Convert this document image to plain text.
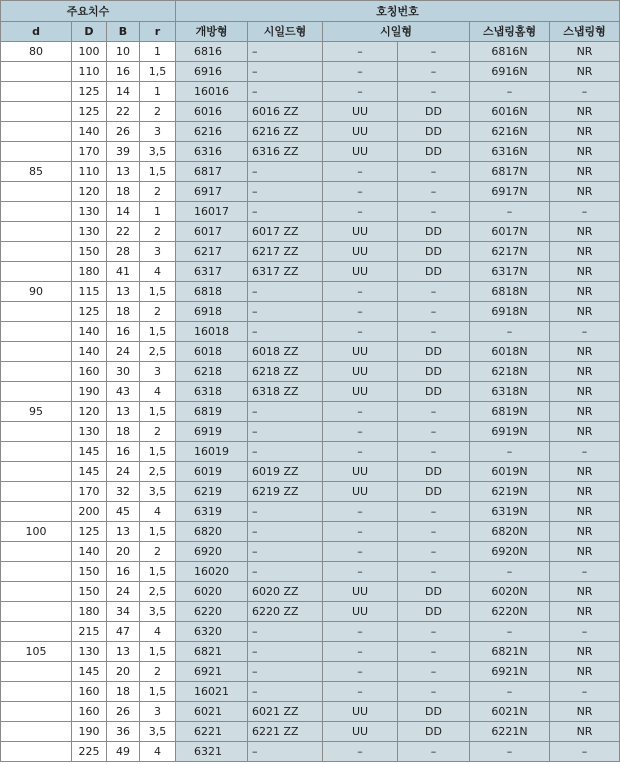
주요치수				호칭번호					
d	D	B	r	개방형	시일드형	시일형		스냅링홈형	스냅링형
80	100	10	1	6816	–	–	–	6816N	NR
	110	16	1,5	6916	–	–	–	6916N	NR
	125	14	1	16016	–	–	–	–	–
	125	22	2	6016	6016 ZZ	UU	DD	6016N	NR
	140	26	3	6216	6216 ZZ	UU	DD	6216N	NR
	170	39	3,5	6316	6316 ZZ	UU	DD	6316N	NR
85	110	13	1,5	6817	–	–	–	6817N	NR
	120	18	2	6917	–	–	–	6917N	NR
	130	14	1	16017	–	–	–	–	–
	130	22	2	6017	6017 ZZ	UU	DD	6017N	NR
	150	28	3	6217	6217 ZZ	UU	DD	6217N	NR
	180	41	4	6317	6317 ZZ	UU	DD	6317N	NR
90	115	13	1,5	6818	–	–	–	6818N	NR
	125	18	2	6918	–	–	–	6918N	NR
	140	16	1,5	16018	–	–	–	–	–
	140	24	2,5	6018	6018 ZZ	UU	DD	6018N	NR
	160	30	3	6218	6218 ZZ	UU	DD	6218N	NR
	190	43	4	6318	6318 ZZ	UU	DD	6318N	NR
95	120	13	1,5	6819	–	–	–	6819N	NR
	130	18	2	6919	–	–	–	6919N	NR
	145	16	1,5	16019	–	–	–	–	–
	145	24	2,5	6019	6019 ZZ	UU	DD	6019N	NR
	170	32	3,5	6219	6219 ZZ	UU	DD	6219N	NR
	200	45	4	6319	–	–	–	6319N	NR
100	125	13	1,5	6820	–	–	–	6820N	NR
	140	20	2	6920	–	–	–	6920N	NR
	150	16	1,5	16020	–	–	–	–	–
	150	24	2,5	6020	6020 ZZ	UU	DD	6020N	NR
	180	34	3,5	6220	6220 ZZ	UU	DD	6220N	NR
	215	47	4	6320	–	–	–	–	–
105	130	13	1,5	6821	–	–	–	6821N	NR
	145	20	2	6921	–	–	–	6921N	NR
	160	18	1,5	16021	–	–	–	–	–
	160	26	3	6021	6021 ZZ	UU	DD	6021N	NR
	190	36	3,5	6221	6221 ZZ	UU	DD	6221N	NR
	225	49	4	6321	–	–	–	–	–
